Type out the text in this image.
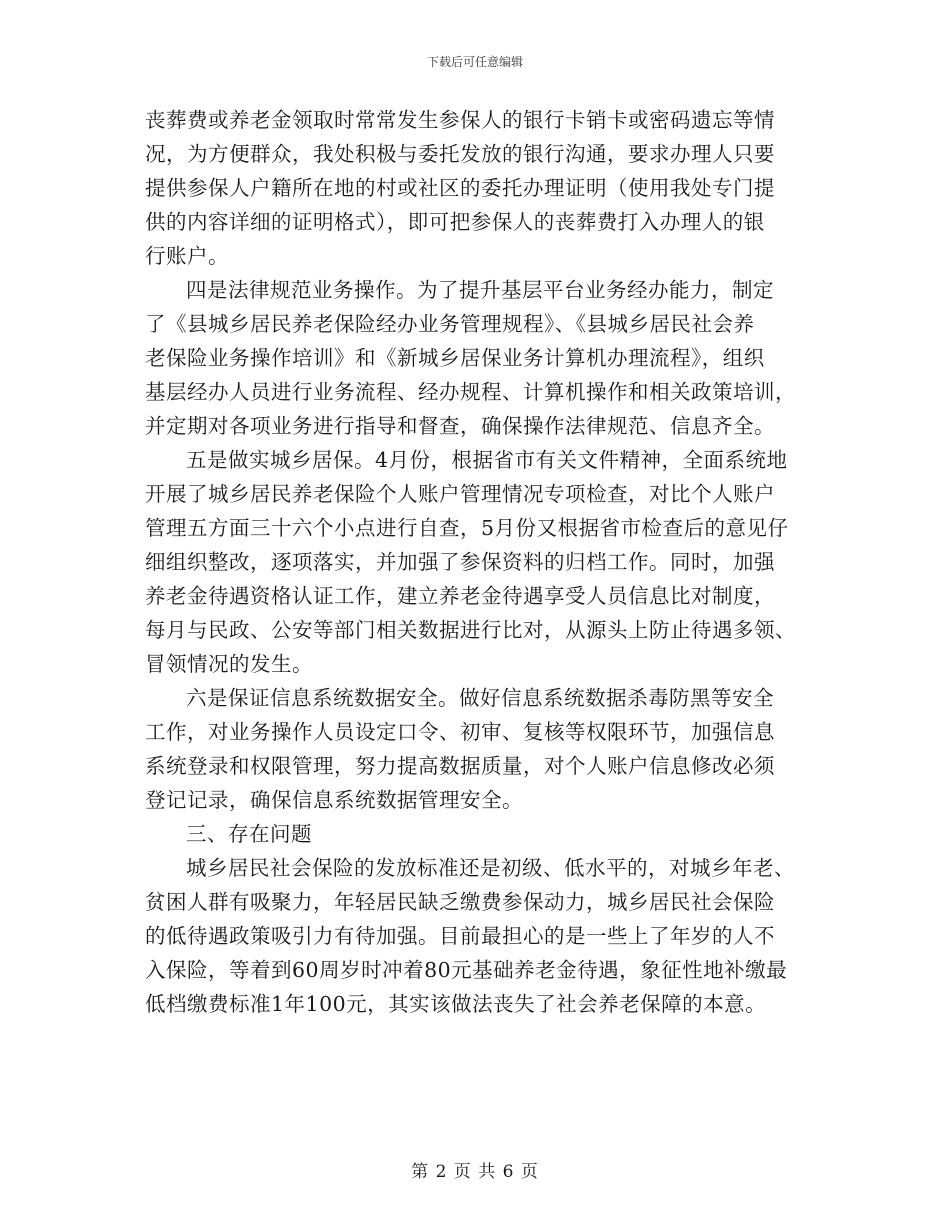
下载后可任意编辑
丧葬费或养老金领取时常常发生参保人的银行卡销卡或密码遗忘等情
况，为方便群众，我处积极与委托发放的银行沟通，要求办理人只要
提供参保人户籍所在地的村或社区的委托办理证明（使用我处专门提
供的内容详细的证明格式），即可把参保人的丧葬费打入办理人的银
行账户。
四是法律规范业务操作。为了提升基层平台业务经办能力，制定
了《县城乡居民养老保险经办业务管理规程》、《县城乡居民社会养
老保险业务操作培训》和《新城乡居保业务计算机办理流程》，组织
基层经办人员进行业务流程、经办规程、计算机操作和相关政策培训，
并定期对各项业务进行指导和督查，确保操作法律规范、信息齐全。
五是做实城乡居保。4月份，根据省市有关文件精神，全面系统地
开展了城乡居民养老保险个人账户管理情况专项检查，对比个人账户
管理五方面三十六个小点进行自查，5月份又根据省市检查后的意见仔
细组织整改，逐项落实，并加强了参保资料的归档工作。同时，加强
养老金待遇资格认证工作，建立养老金待遇享受人员信息比对制度，
每月与民政、公安等部门相关数据进行比对，从源头上防止待遇多领、
冒领情况的发生。
六是保证信息系统数据安全。做好信息系统数据杀毒防黑等安全
工作，对业务操作人员设定口令、初审、复核等权限环节，加强信息
系统登录和权限管理，努力提高数据质量，对个人账户信息修改必须
登记记录，确保信息系统数据管理安全。
三、存在问题
城乡居民社会保险的发放标准还是初级、低水平的，对城乡年老、
贫困人群有吸聚力，年轻居民缺乏缴费参保动力，城乡居民社会保险
的低待遇政策吸引力有待加强。目前最担心的是一些上了年岁的人不
入保险，等着到60周岁时冲着80元基础养老金待遇，象征性地补缴最
低档缴费标准1年100元，其实该做法丧失了社会养老保障的本意。
第 2 页 共 6 页
